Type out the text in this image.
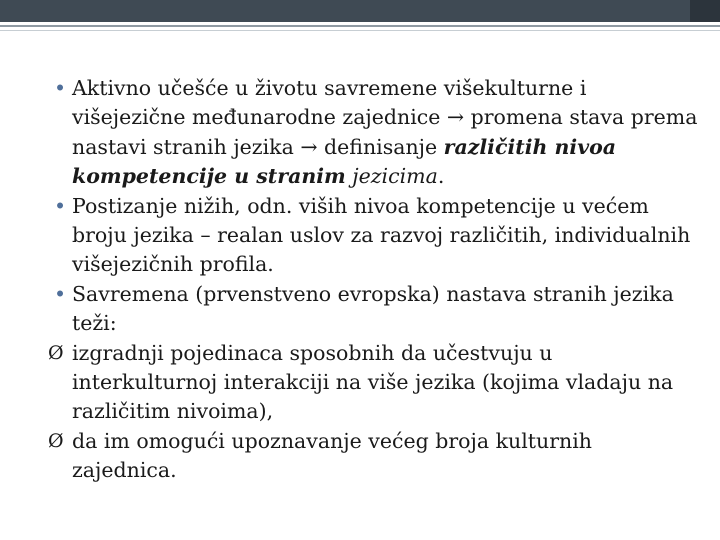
• Aktivno učešće u životu savremene višekulturne i višejezične međunarodne zajednice → promena stava prema nastavi stranih jezika → definisanje različitih nivoa kompetencije u stranim jezicima.
• Postizanje nižih, odn. viših nivoa kompetencije u većem broju jezika – realan uslov za razvoj različitih, individualnih višejezičnih profila.
• Savremena (prvenstveno evropska) nastava stranih jezika teži:
Ø izgradnji pojedinaca sposobnih da učestvuju u interkulturnoj interakciji na više jezika (kojima vladaju na različitim nivoima),
Ø da im omogući upoznavanje većeg broja kulturnih zajednica.
